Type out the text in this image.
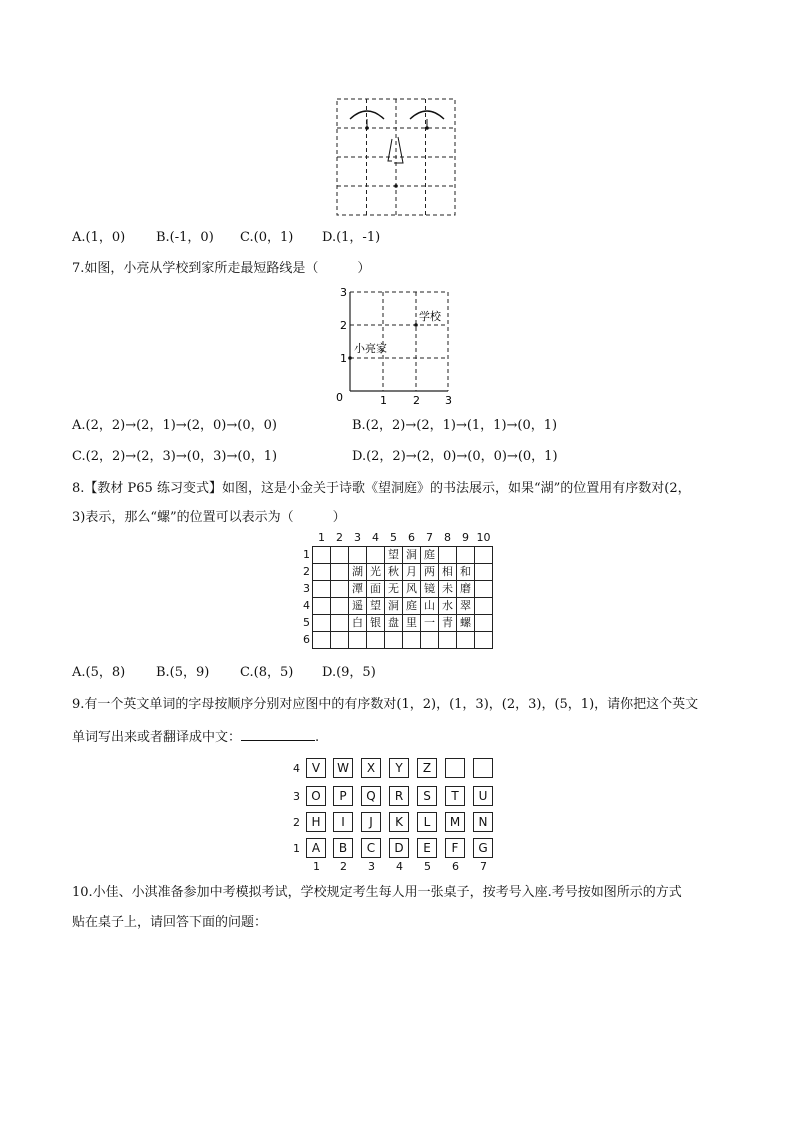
A.(1，0) B.(-1，0) C.(0，1) D.(1，-1)
7.如图，小亮从学校到家所走最短路线是（　　　）
0	1 2 3
1
2
3
学校
小亮家
A.(2，2)→(2，1)→(2，0)→(0，0)	B.(2，2)→(2，1)→(1，1)→(0，1)
C.(2，2)→(2，3)→(0，3)→(0，1)	D.(2，2)→(2，0)→(0，0)→(0，1)
8.【教材 P65 练习变式】如图，这是小金关于诗歌《望洞庭》的书法展示，如果“湖”的位置用有序数对(2，
3)表示，那么“螺”的位置可以表示为（　　　）
	1	2	3	4	5	6	7	8	9	10
1					望	洞	庭			
2			湖	光	秋	月	两	相	和	
3			潭	面	无	风	镜	未	磨	
4			遥	望	洞	庭	山	水	翠	
5			白	银	盘	里	一	青	螺	
6										
A.(5，8) B.(5，9) C.(8，5) D.(9，5)
9.有一个英文单词的字母按顺序分别对应图中的有序数对(1，2)，(1，3)，(2，3)，(5，1)，请你把这个英文
单词写出来或者翻译成中文：	.
4 V	W	X	Y	Z
3 O	P	Q	R	S	T	U
2 H	I	J	K	L	M	N
1 A	B	C	D	E	F	G
1 2 3 4 5 6 7
10.小佳、小淇准备参加中考模拟考试，学校规定考生每人用一张桌子，按考号入座.考号按如图所示的方式
贴在桌子上，请回答下面的问题：
